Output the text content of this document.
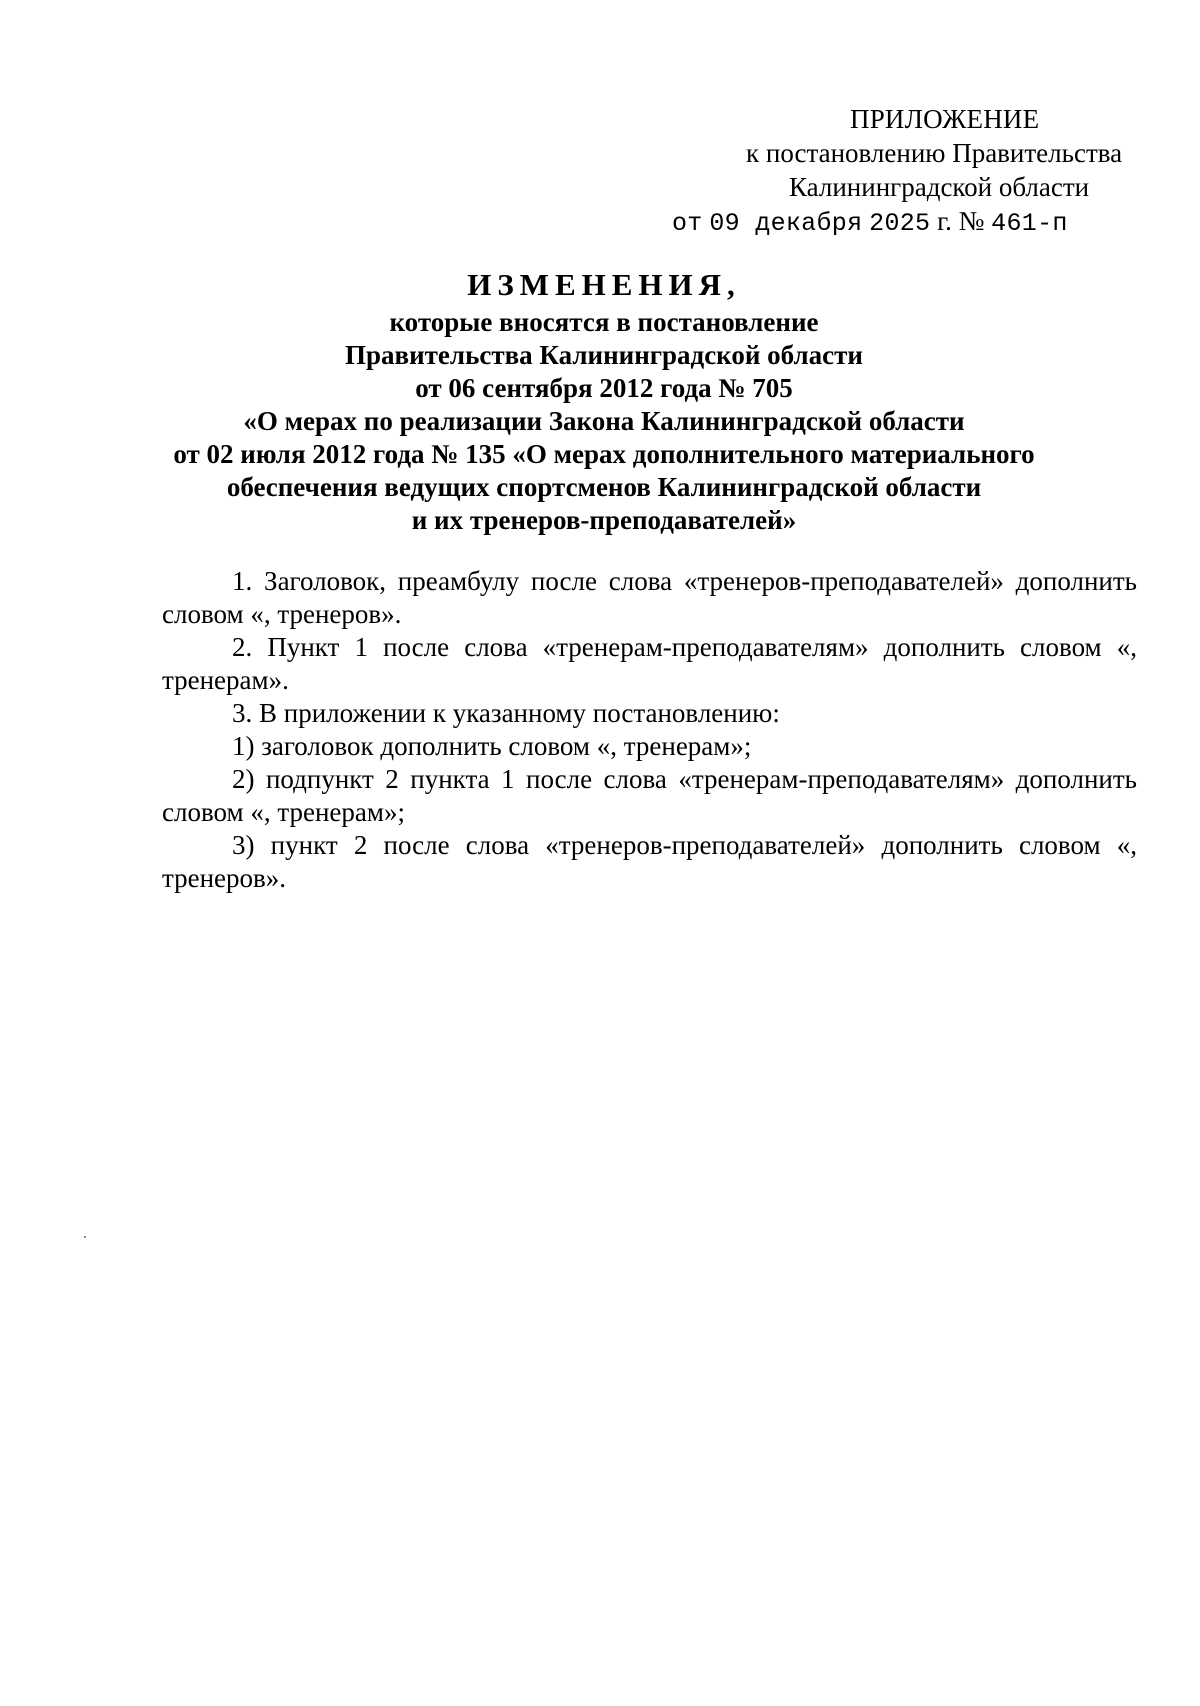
ПРИЛОЖЕНИЕ
к постановлению Правительства
Калининградской области
от 09 декабря 2025 г. № 461-п
ИЗМЕНЕНИЯ,
которые вносятся в постановление
Правительства Калининградской области
от 06 сентября 2012 года № 705
«О мерах по реализации Закона Калининградской области
от 02 июля 2012 года № 135 «О мерах дополнительного материального
обеспечения ведущих спортсменов Калининградской области
и их тренеров-преподавателей»

1. Заголовок, преамбулу после слова «тренеров-преподавателей» дополнить словом «, тренеров».

2. Пункт 1 после слова «тренерам-преподавателям» дополнить словом «, тренерам».

3. В приложении к указанному постановлению:

1) заголовок дополнить словом «, тренерам»;

2) подпункт 2 пункта 1 после слова «тренерам-преподавателям» дополнить словом «, тренерам»;

3) пункт 2 после слова «тренеров-преподавателей» дополнить словом «, тренеров».
